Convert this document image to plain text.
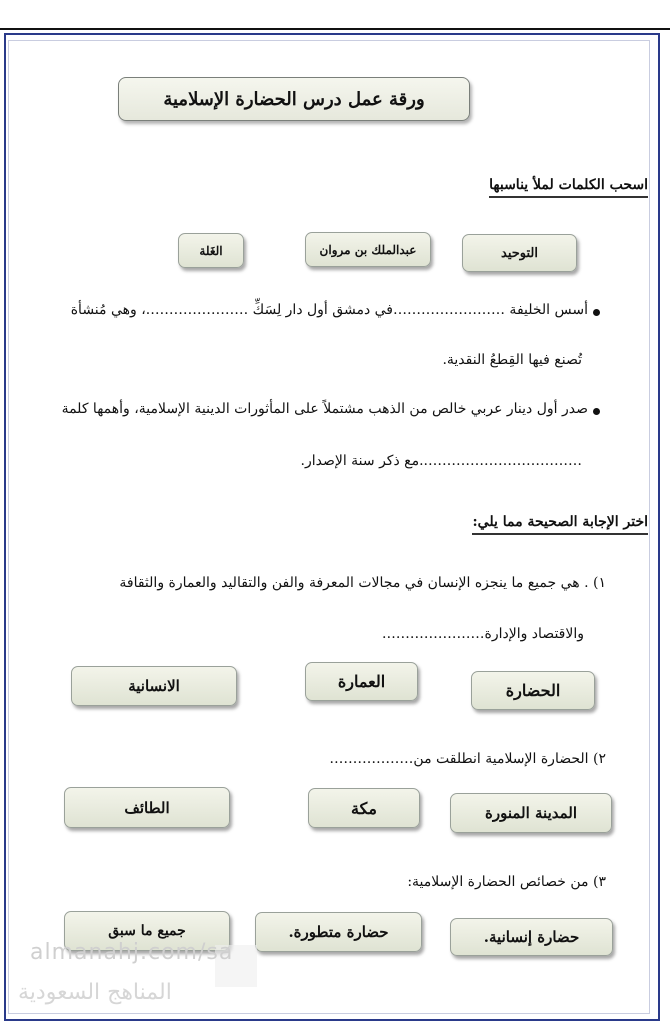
ورقة عمل درس الحضارة الإسلامية
اسحب الكلمات لملأ يناسبها
التوحيد
عبدالملك بن مروان
الغَلة
أسس الخليفة ……………………في دمشق أول دار لِسَكِّ ………………….، وهي مُنشأة
تُصنع فيها القِطعُ النقدية.
صدر أول دينار عربي خالص من الذهب مشتملاً على المأثورات الدينية الإسلامية، وأهمها كلمة
……………………………..مع ذكر سنة الإصدار.
اختر الإجابة الصحيحة مما يلي:
١) . هي جميع ما ينجزه الإنسان في مجالات المعرفة والفن والتقاليد والعمارة والثقافة
والاقتصاد والإدارة………………….
الحضارة
العمارة
الانسانية
٢) الحضارة الإسلامية انطلقت من………………
المدينة المنورة
مكة
الطائف
٣) من خصائص الحضارة الإسلامية:
حضارة إنسانية.
حضارة متطورة.
جميع ما سبق
almanahj.com/sa
المناهج السعودية
